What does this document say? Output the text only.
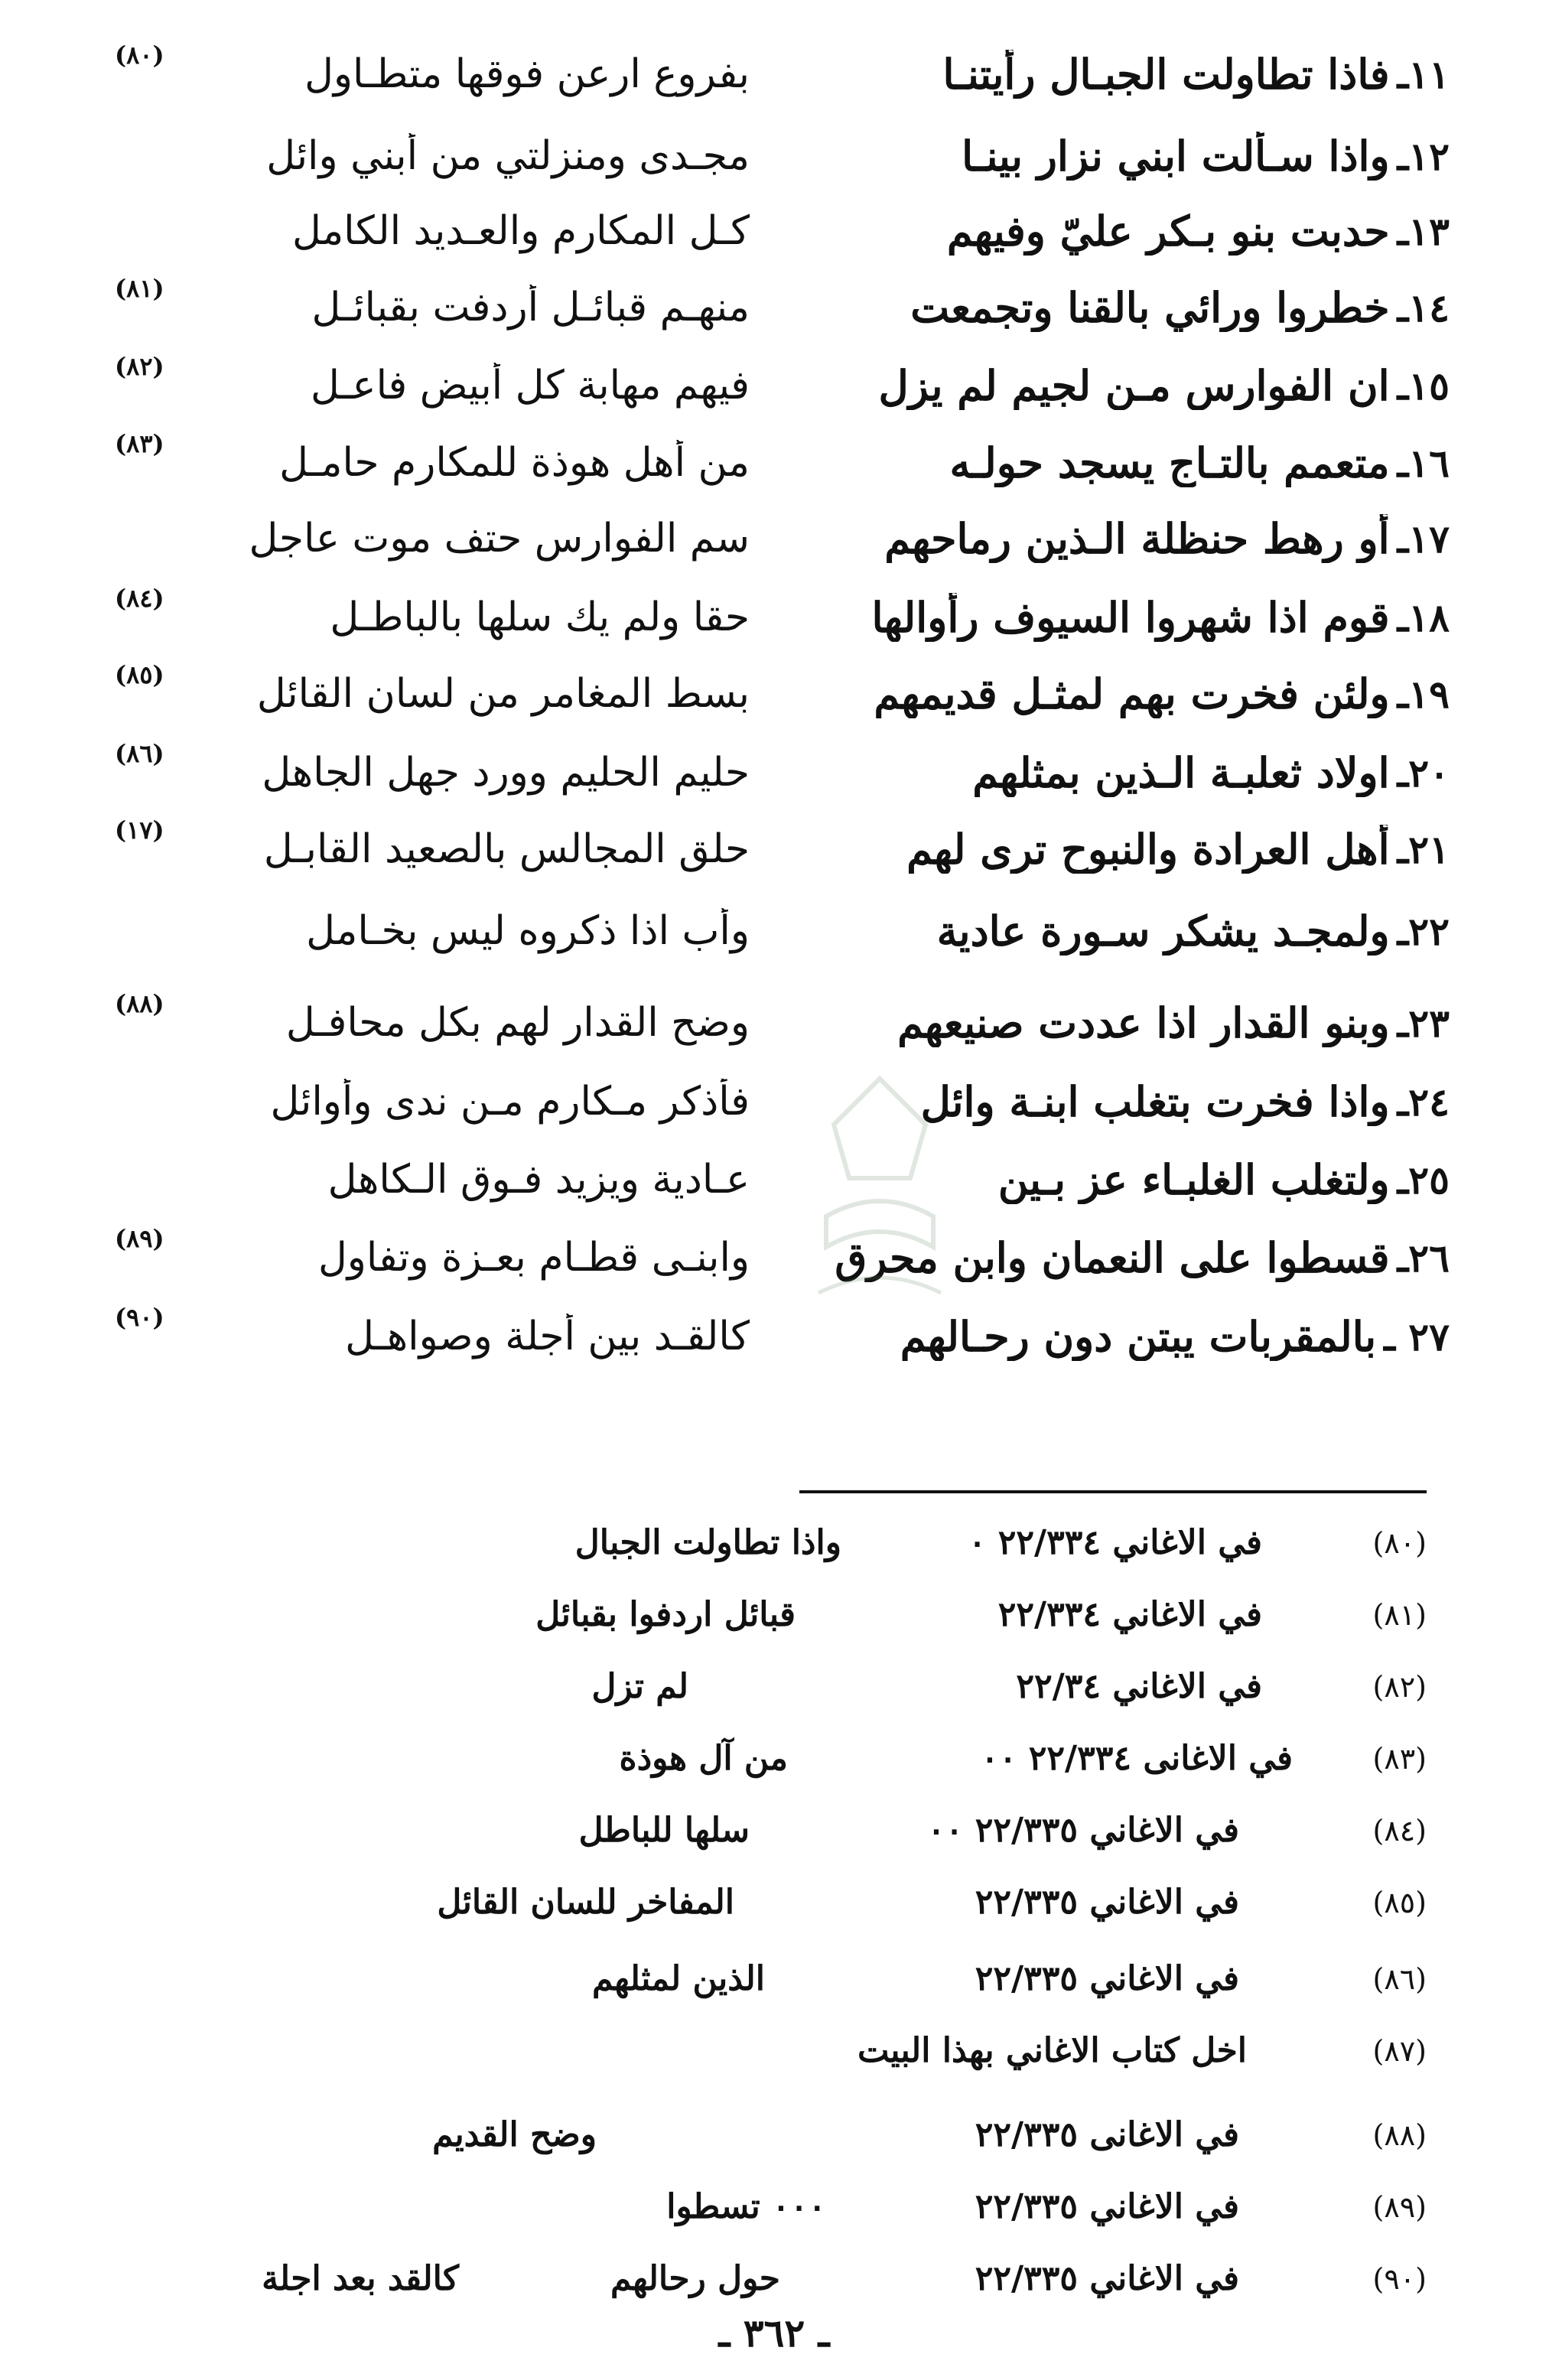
١١ـ
فاذا تطاولت الجبـال رأيتنـا
بفروع ارعن فوقها متطـاول
(٨٠)
١٢ـ
واذا سـألت ابني نزار بينـا
مجـدى ومنزلتي من أبني وائل
١٣ـ
حدبت بنو بـكر عليّ وفيهم
كـل المكارم والعـديد الكامل
١٤ـ
خطروا ورائي بالقنا وتجمعت
منهـم قبائـل أردفت بقبائـل
(٨١)
١٥ـ
ان الفوارس مـن لجيم لم يزل
فيهم مهابة كل أبيض فاعـل
(٨٢)
١٦ـ
متعمم بالتـاج يسجد حولـه
من أهل هوذة للمكارم حامـل
(٨٣)
١٧ـ
أو رهط حنظلة الـذين رماحهم
سم الفوارس حتف موت عاجل
١٨ـ
قوم اذا شهروا السيوف رأوالها
حقا ولم يك سلها بالباطـل
(٨٤)
١٩ـ
ولئن فخرت بهم لمثـل قديمهم
بسط المغامر من لسان القائل
(٨٥)
٢٠ـ
اولاد ثعلبـة الـذين بمثلهم
حليم الحليم وورد جهل الجاهل
(٨٦)
٢١ـ
أهل العرادة والنبوح ترى لهم
حلق المجالس بالصعيد القابـل
(١٧)
٢٢ـ
ولمجـد يشكر سـورة عادية
وأب اذا ذكروه ليس بخـامل
٢٣ـ
وبنو القدار اذا عددت صنيعهم
وضح القدار لهم بكل محافـل
(٨٨)
٢٤ـ
واذا فخرت بتغلب ابنـة وائل
فأذكر مـكارم مـن ندى وأوائل
٢٥ـ
ولتغلب الغلبـاء عز بـين
عـادية ويزيد فـوق الـكاهل
٢٦ـ
قسطوا على النعمان وابن محرق
وابنـى قطـام بعـزة وتفاول
(٨٩)
٢٧ ـ
بالمقربات يبتن دون رحـالهم
كالقـد بين أجلة وصواهـل
(٩٠)
(٨٠)
في الاغاني ٢٢/٣٣٤ ٠
واذا تطاولت الجبال
(٨١)
في الاغاني ٢٢/٣٣٤
قبائل اردفوا بقبائل
(٨٢)
في الاغاني ٢٢/٣٤
لم تزل
(٨٣)
في الاغانى ٢٢/٣٣٤ ٠٠
من آل هوذة
(٨٤)
في الاغاني ٢٢/٣٣٥ ٠٠
سلها للباطل
(٨٥)
في الاغاني ٢٢/٣٣٥
المفاخر للسان القائل
(٨٦)
في الاغاني ٢٢/٣٣٥
الذين لمثلهم
(٨٧)
اخل كتاب الاغاني بهذا البيت
(٨٨)
في الاغانى ٢٢/٣٣٥
وضح القديم
(٨٩)
في الاغاني ٢٢/٣٣٥
٠٠٠ تسطوا
(٩٠)
في الاغاني ٢٢/٣٣٥
حول رحالهم
كالقد بعد اجلة
ـ ٣٦٢ ـ
